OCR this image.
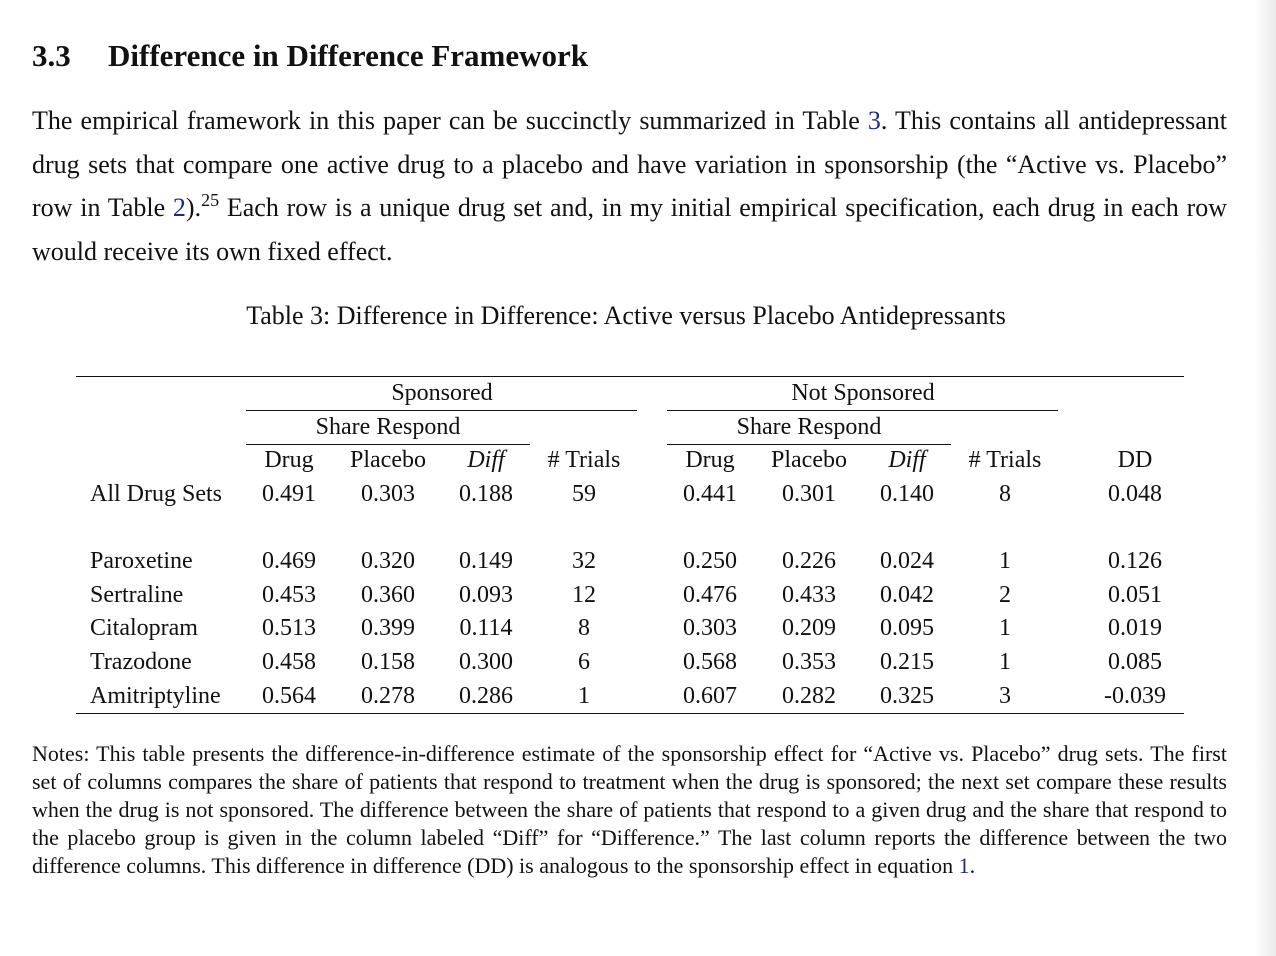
3.3 Difference in Difference Framework

The empirical framework in this paper can be succinctly summarized in Table 3. This contains all antidepressant drug sets that compare one active drug to a placebo and have variation in sponsorship (the “Active vs. Placebo” row in Table 2).$^{25}$ Each row is a unique drug set and, in my initial empirical specification, each drug in each row would receive its own fixed effect.

Table 3: Difference in Difference: Active versus Placebo Antidepressants
Sponsored	Not Sponsored
Share Respond	Share Respond
Drug Placebo Diff # Trials	Drug Placebo Diff # Trials	DD
All Drug Sets 0.491 0.303 0.188 59	0.441 0.301 0.140	8	0.048
Paroxetine	0.469 0.320 0.149 32	0.250 0.226 0.024	1	0.126
Sertraline	0.453 0.360 0.093 12	0.476 0.433 0.042	2	0.051
Citalopram	0.513 0.399 0.114	8	0.303 0.209 0.095	1	0.019
Trazodone	0.458 0.158 0.300	6	0.568 0.353 0.215	1	0.085
Amitriptyline 0.564 0.278 0.286	1	0.607 0.282 0.325	3	-0.039

Notes: This table presents the difference-in-difference estimate of the sponsorship effect for “Active vs. Placebo” drug sets. The first set of columns compares the share of patients that respond to treatment when the drug is sponsored; the next set compare these results when the drug is not sponsored. The difference between the share of patients that respond to a given drug and the share that respond to the placebo group is given in the column labeled “Diff” for “Difference.” The last column reports the difference between the two difference columns. This difference in difference (DD) is analogous to the sponsorship effect in equation 1.
